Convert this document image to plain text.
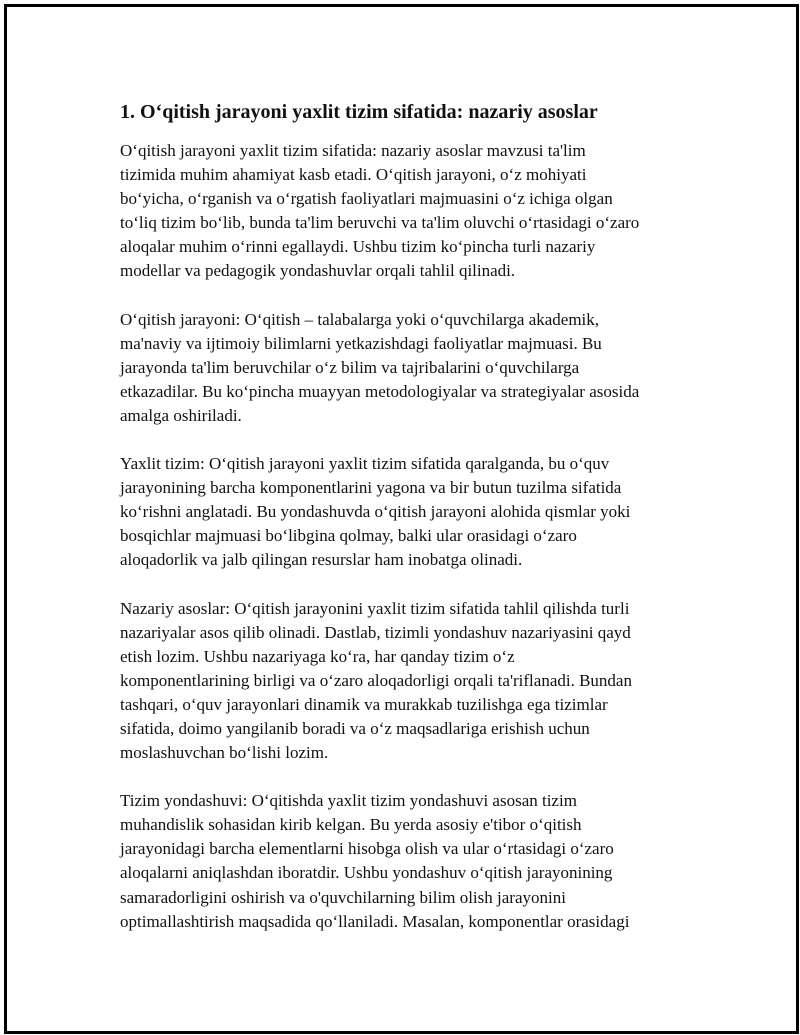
1. O‘qitish jarayoni yaxlit tizim sifatida: nazariy asoslar

O‘qitish jarayoni yaxlit tizim sifatida: nazariy asoslar mavzusi ta'lim
tizimida muhim ahamiyat kasb etadi. O‘qitish jarayoni, o‘z mohiyati
bo‘yicha, o‘rganish va o‘rgatish faoliyatlari majmuasini o‘z ichiga olgan
to‘liq tizim bo‘lib, bunda ta'lim beruvchi va ta'lim oluvchi o‘rtasidagi o‘zaro
aloqalar muhim o‘rinni egallaydi. Ushbu tizim ko‘pincha turli nazariy
modellar va pedagogik yondashuvlar orqali tahlil qilinadi.

O‘qitish jarayoni: O‘qitish – talabalarga yoki o‘quvchilarga akademik,
ma'naviy va ijtimoiy bilimlarni yetkazishdagi faoliyatlar majmuasi. Bu
jarayonda ta'lim beruvchilar o‘z bilim va tajribalarini o‘quvchilarga
etkazadilar. Bu ko‘pincha muayyan metodologiyalar va strategiyalar asosida
amalga oshiriladi.

Yaxlit tizim: O‘qitish jarayoni yaxlit tizim sifatida qaralganda, bu o‘quv
jarayonining barcha komponentlarini yagona va bir butun tuzilma sifatida
ko‘rishni anglatadi. Bu yondashuvda o‘qitish jarayoni alohida qismlar yoki
bosqichlar majmuasi bo‘libgina qolmay, balki ular orasidagi o‘zaro
aloqadorlik va jalb qilingan resurslar ham inobatga olinadi.

Nazariy asoslar: O‘qitish jarayonini yaxlit tizim sifatida tahlil qilishda turli
nazariyalar asos qilib olinadi. Dastlab, tizimli yondashuv nazariyasini qayd
etish lozim. Ushbu nazariyaga ko‘ra, har qanday tizim o‘z
komponentlarining birligi va o‘zaro aloqadorligi orqali ta'riflanadi. Bundan
tashqari, o‘quv jarayonlari dinamik va murakkab tuzilishga ega tizimlar
sifatida, doimo yangilanib boradi va o‘z maqsadlariga erishish uchun
moslashuvchan bo‘lishi lozim.

Tizim yondashuvi: O‘qitishda yaxlit tizim yondashuvi asosan tizim
muhandislik sohasidan kirib kelgan. Bu yerda asosiy e'tibor o‘qitish
jarayonidagi barcha elementlarni hisobga olish va ular o‘rtasidagi o‘zaro
aloqalarni aniqlashdan iboratdir. Ushbu yondashuv o‘qitish jarayonining
samaradorligini oshirish va o'quvchilarning bilim olish jarayonini
optimallashtirish maqsadida qo‘llaniladi. Masalan, komponentlar orasidagi
